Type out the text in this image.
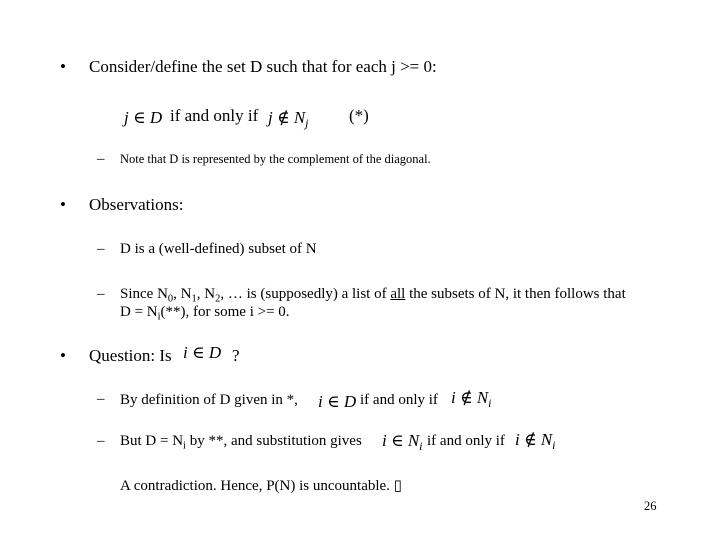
• Consider/define the set D such that for each j >= 0:
j ∈ D if and only if j ∉ $N_j$ (*)
– Note that D is represented by the complement of the diagonal.
• Observations:
– D is a (well-defined) subset of N
– Since $N_0$, $N_1$, $N_2$, … is (supposedly) a list of all the subsets of N, it then follows that
$D = N_i(**)$, for some i >= 0.
• Question: Is i ∈ D ?
– By definition of D given in *, i ∈ D if and only if i ∉ $N_i$
– But $D = N_i$ by **, and substitution gives i ∈ $N_i$ if and only if i ∉ $N_i$
A contradiction. Hence, P(N) is uncountable. ▯
26
